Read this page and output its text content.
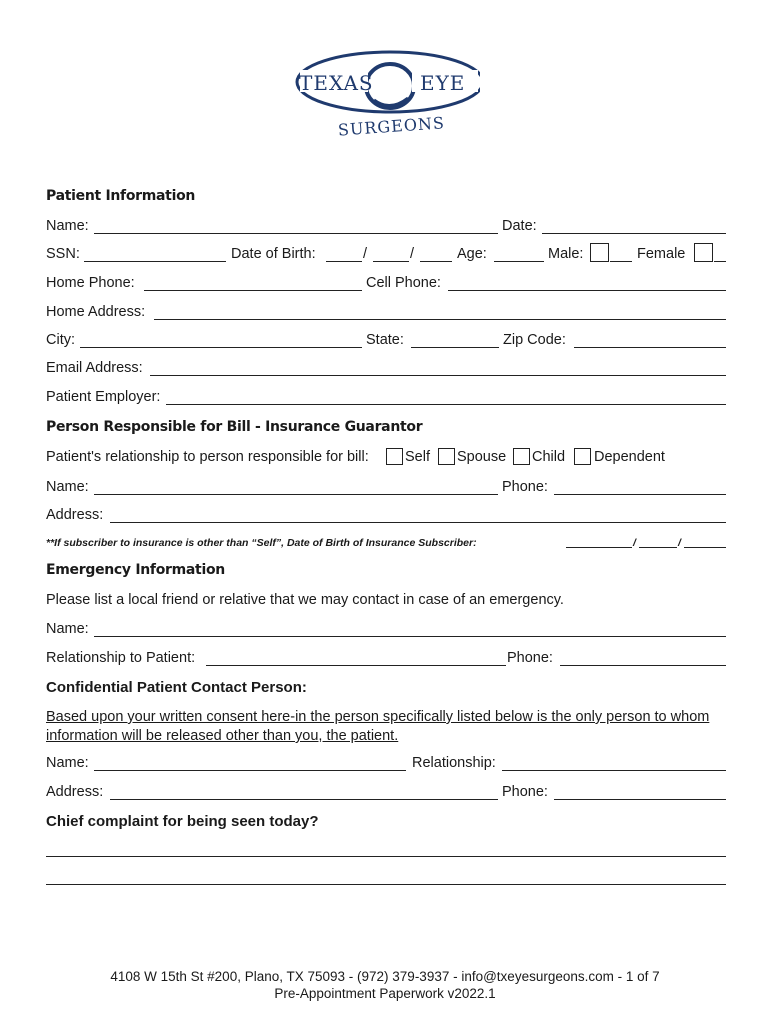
TEXAS EYE
SURGEONS
Patient Information
Name:	Date:
SSN:	Date of Birth:	/	/	Age:	Male:	Female
Home Phone:	Cell Phone:
Home Address:
City:	State:	Zip Code:
Email Address:
Patient Employer:
Person Responsible for Bill - Insurance Guarantor
Patient's relationship to person responsible for bill: Self Spouse Child Dependent
Name:	Phone:
Address:
**If subscriber to insurance is other than “Self”, Date of Birth of Insurance Subscriber:	/	/
Emergency Information
Please list a local friend or relative that we may contact in case of an emergency.
Name:
Relationship to Patient:	Phone:
Confidential Patient Contact Person:
Based upon your written consent here-in the person specifically listed below is the only person to whom information will be released other than you, the patient.
Name:	Relationship:
Address:	Phone:
Chief complaint for being seen today?
4108 W 15th St #200, Plano, TX 75093 - (972) 379-3937 - info@txeyesurgeons.com - 1 of 7
Pre-Appointment Paperwork v2022.1
